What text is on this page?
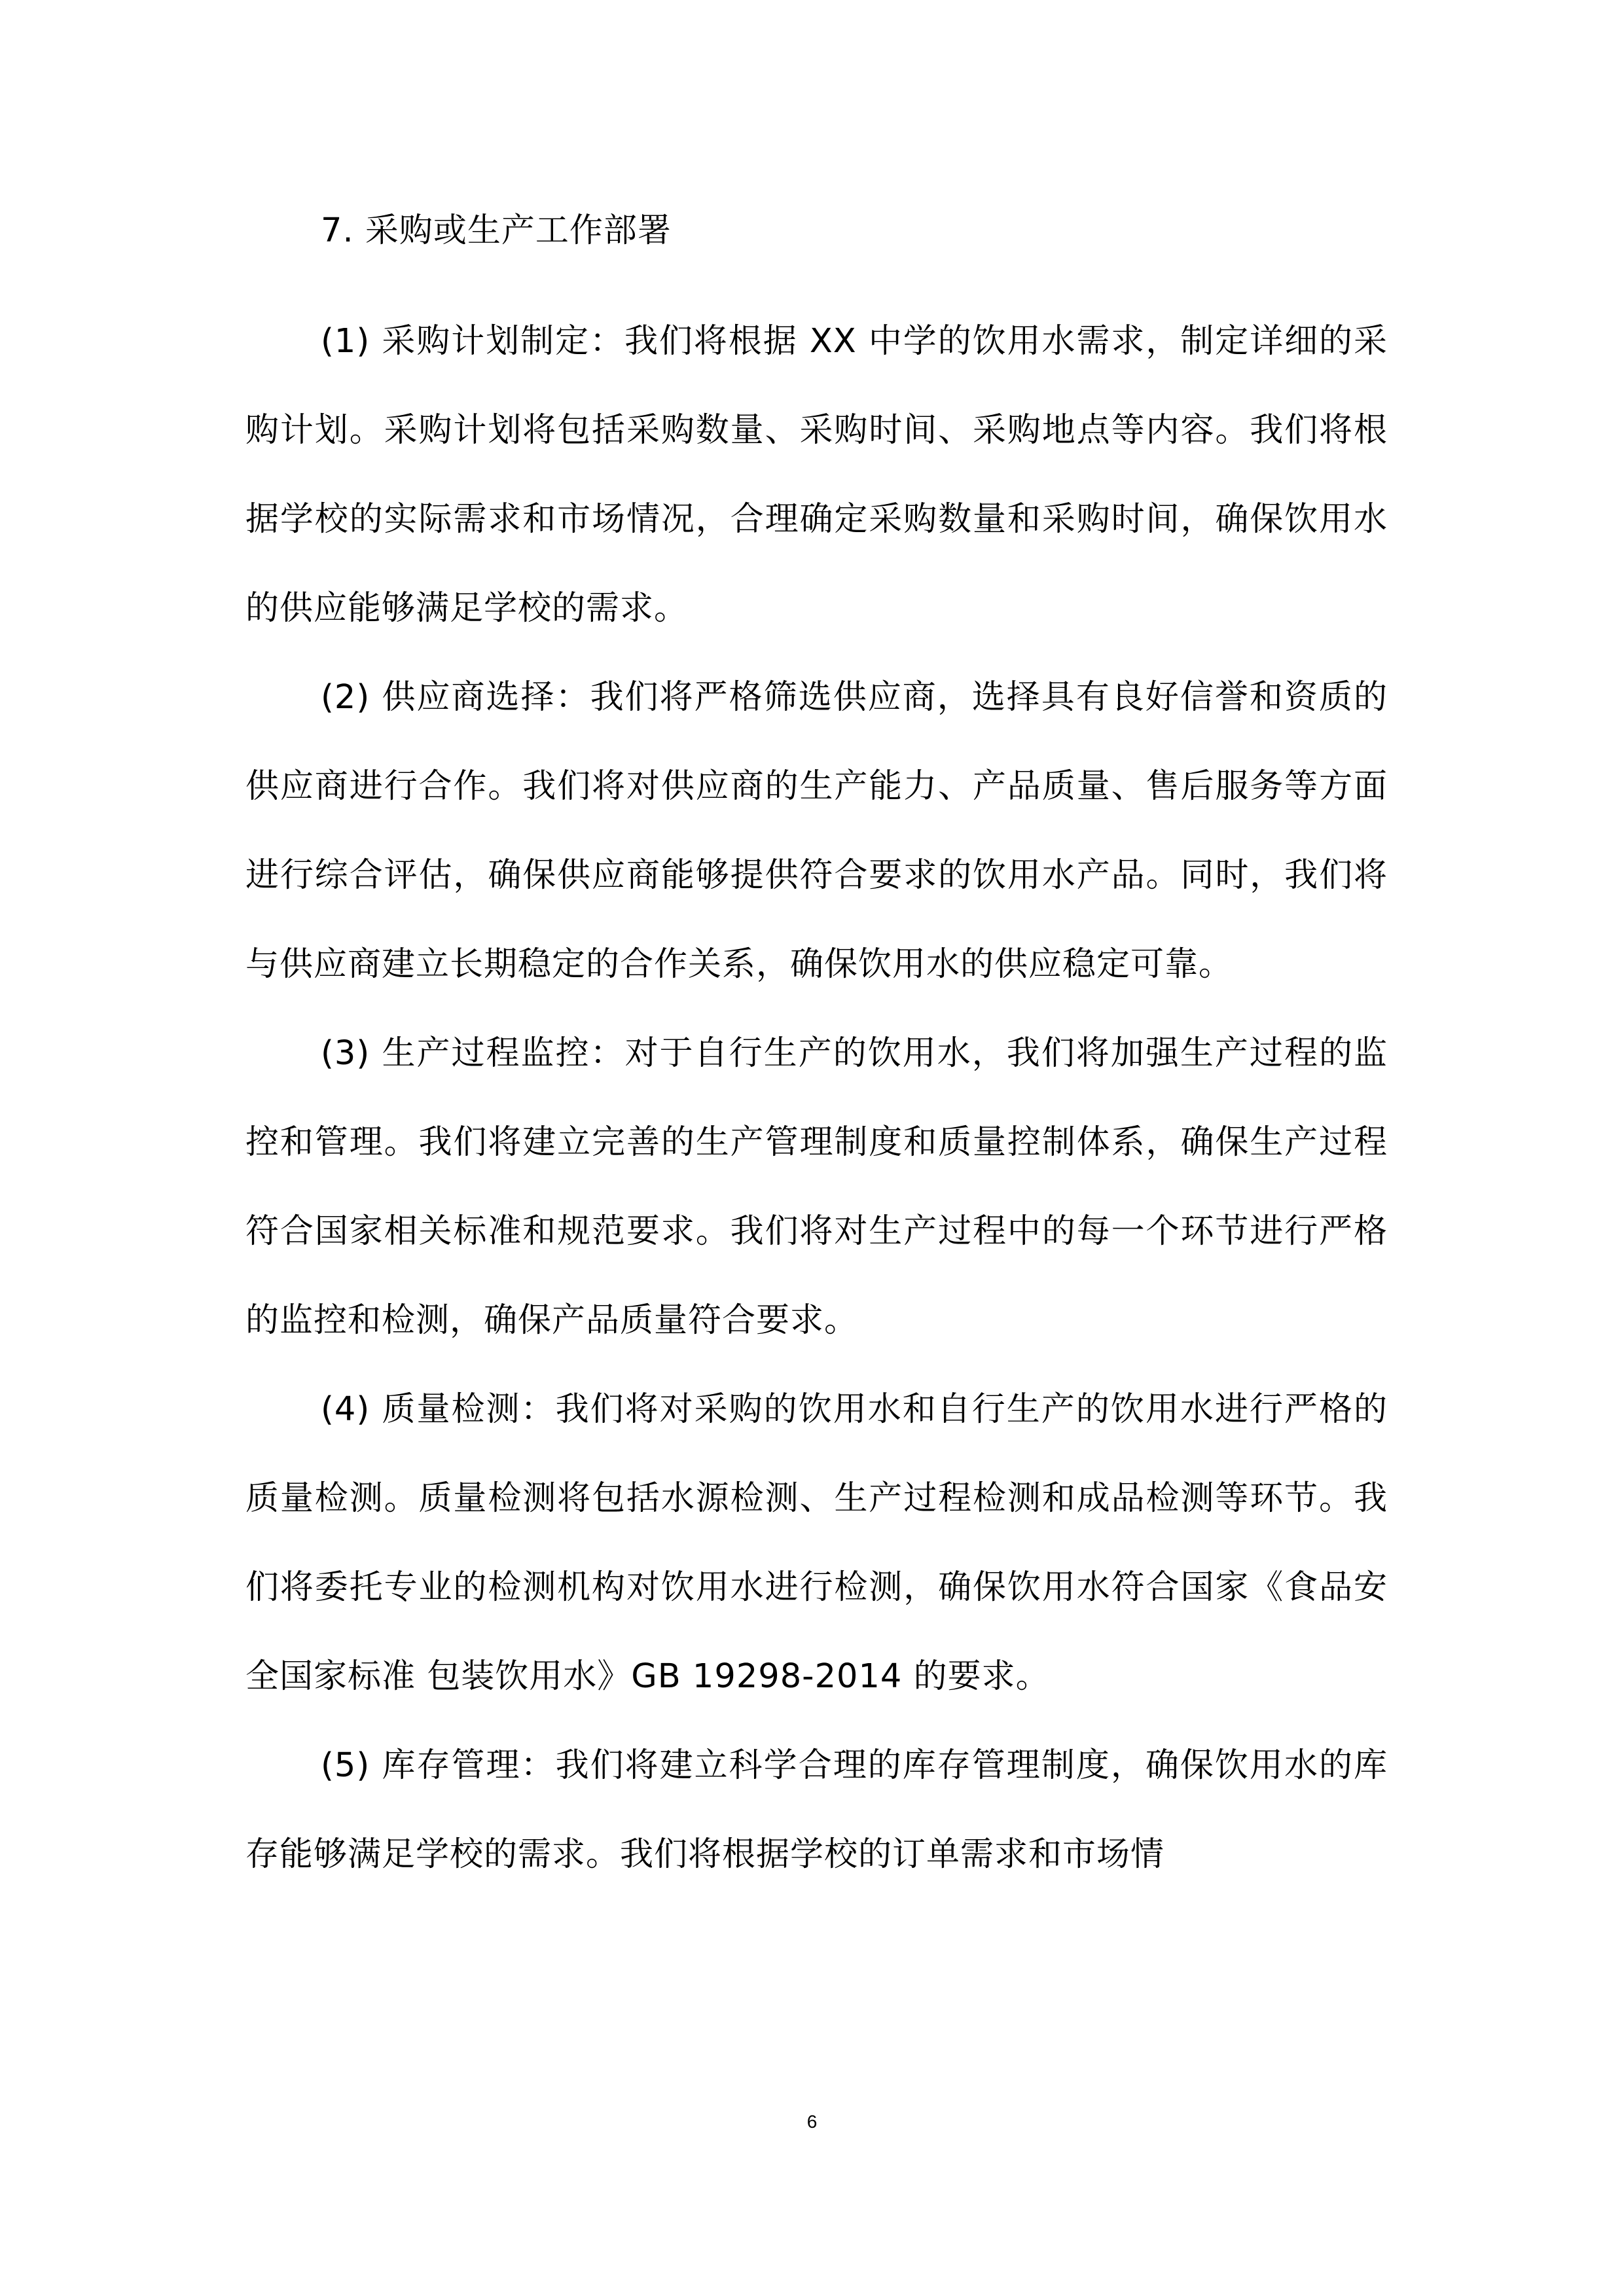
7. 采购或生产工作部署

(1) 采购计划制定：我们将根据 XX 中学的饮用水需求，制定详细的采购计划。采购计划将包括采购数量、采购时间、采购地点等内容。我们将根据学校的实际需求和市场情况，合理确定采购数量和采购时间，确保饮用水的供应能够满足学校的需求。

(2) 供应商选择：我们将严格筛选供应商，选择具有良好信誉和资质的供应商进行合作。我们将对供应商的生产能力、产品质量、售后服务等方面进行综合评估，确保供应商能够提供符合要求的饮用水产品。同时，我们将与供应商建立长期稳定的合作关系，确保饮用水的供应稳定可靠。

(3) 生产过程监控：对于自行生产的饮用水，我们将加强生产过程的监控和管理。我们将建立完善的生产管理制度和质量控制体系，确保生产过程符合国家相关标准和规范要求。我们将对生产过程中的每一个环节进行严格的监控和检测，确保产品质量符合要求。

(4) 质量检测：我们将对采购的饮用水和自行生产的饮用水进行严格的质量检测。质量检测将包括水源检测、生产过程检测和成品检测等环节。我们将委托专业的检测机构对饮用水进行检测，确保饮用水符合国家《食品安全国家标准 包装饮用水》GB 19298-2014 的要求。

(5) 库存管理：我们将建立科学合理的库存管理制度，确保饮用水的库存能够满足学校的需求。我们将根据学校的订单需求和市场情

6
